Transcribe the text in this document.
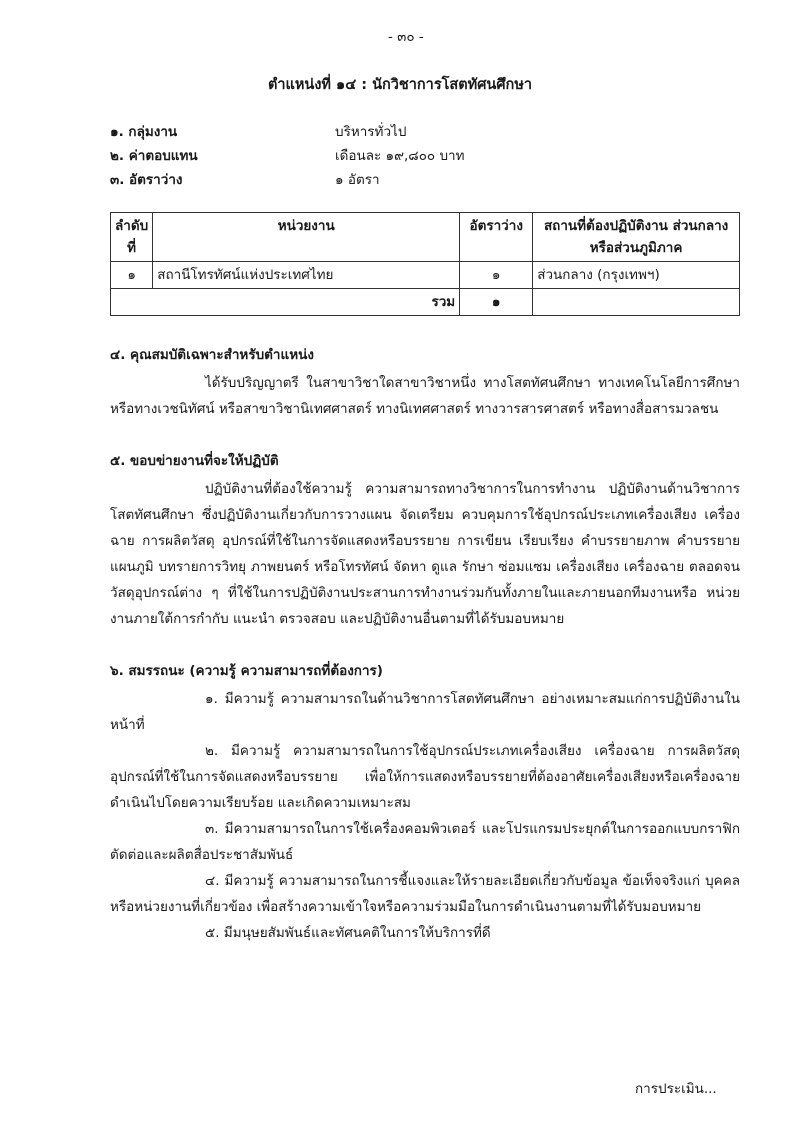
- ๓๐ -
ตำแหน่งที่ ๑๔ : นักวิชาการโสตทัศนศึกษา
๑. กลุ่มงาน	บริหารทั่วไป
๒. ค่าตอบแทน	เดือนละ ๑๙,๘๐๐ บาท
๓. อัตราว่าง	๑ อัตรา
ลำดับ ที่	หน่วยงาน	อัตราว่าง	สถานที่ต้องปฏิบัติงาน ส่วนกลางหรือส่วนภูมิภาค
๑	สถานีโทรทัศน์แห่งประเทศไทย	๑	ส่วนกลาง (กรุงเทพฯ)
รวม		๑	
๔. คุณสมบัติเฉพาะสำหรับตำแหน่ง

ได้รับปริญญาตรี ในสาขาวิชาใดสาขาวิชาหนึ่ง ทางโสตทัศนศึกษา ทางเทคโนโลยีการศึกษา หรือทางเวชนิทัศน์ หรือสาขาวิชานิเทศศาสตร์ ทางนิเทศศาสตร์ ทางวารสารศาสตร์ หรือทางสื่อสารมวลชน

๕. ขอบข่ายงานที่จะให้ปฏิบัติ

ปฏิบัติงานที่ต้องใช้ความรู้ ความสามารถทางวิชาการในการทำงาน ปฏิบัติงานด้านวิชาการ โสตทัศนศึกษา ซึ่งปฏิบัติงานเกี่ยวกับการวางแผน จัดเตรียม ควบคุมการใช้อุปกรณ์ประเภทเครื่องเสียง เครื่องฉาย การผลิตวัสดุ อุปกรณ์ที่ใช้ในการจัดแสดงหรือบรรยาย การเขียน เรียบเรียง คำบรรยายภาพ คำบรรยายแผนภูมิ บทรายการวิทยุ ภาพยนตร์ หรือโทรทัศน์ จัดหา ดูแล รักษา ซ่อมแซม เครื่องเสียง เครื่องฉาย ตลอดจน วัสดุอุปกรณ์ต่าง ๆ ที่ใช้ในการปฏิบัติงานประสานการทำงานร่วมกันทั้งภายในและภายนอกทีมงานหรือ หน่วยงานภายใต้การกำกับ แนะนำ ตรวจสอบ และปฏิบัติงานอื่นตามที่ได้รับมอบหมาย

๖. สมรรถนะ (ความรู้ ความสามารถที่ต้องการ)

๑. มีความรู้ ความสามารถในด้านวิชาการโสตทัศนศึกษา อย่างเหมาะสมแก่การปฏิบัติงานในหน้าที่

๒. มีความรู้ ความสามารถในการใช้อุปกรณ์ประเภทเครื่องเสียง เครื่องฉาย การผลิตวัสดุ อุปกรณ์ที่ใช้ในการจัดแสดงหรือบรรยาย เพื่อให้การแสดงหรือบรรยายที่ต้องอาศัยเครื่องเสียงหรือเครื่องฉาย ดำเนินไปโดยความเรียบร้อย และเกิดความเหมาะสม

๓. มีความสามารถในการใช้เครื่องคอมพิวเตอร์ และโปรแกรมประยุกต์ในการออกแบบกราฟิก ตัดต่อและผลิตสื่อประชาสัมพันธ์

๔. มีความรู้ ความสามารถในการชี้แจงและให้รายละเอียดเกี่ยวกับข้อมูล ข้อเท็จจริงแก่ บุคคลหรือหน่วยงานที่เกี่ยวข้อง เพื่อสร้างความเข้าใจหรือความร่วมมือในการดำเนินงานตามที่ได้รับมอบหมาย

๕. มีมนุษยสัมพันธ์และทัศนคติในการให้บริการที่ดี

การประเมิน...
